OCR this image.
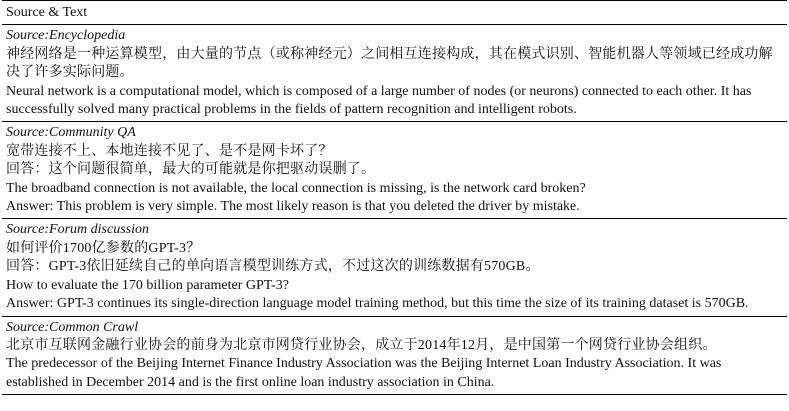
Source & Text
Source:Encyclopedia
神经网络是一种运算模型，由大量的节点（或称神经元）之间相互连接构成，其在模式识别、智能机器人等领域已经成功解决了许多实际问题。
Neural network is a computational model, which is composed of a large number of nodes (or neurons) connected to each other. It has successfully solved many practical problems in the fields of pattern recognition and intelligent robots.
Source:Community QA
宽带连接不上、本地连接不见了、是不是网卡坏了？
回答：这个问题很简单，最大的可能就是你把驱动误删了。
The broadband connection is not available, the local connection is missing, is the network card broken?
Answer: This problem is very simple. The most likely reason is that you deleted the driver by mistake.
Source:Forum discussion
如何评价1700亿参数的GPT-3？
回答：GPT-3依旧延续自己的单向语言模型训练方式，不过这次的训练数据有570GB。
How to evaluate the 170 billion parameter GPT-3?
Answer: GPT-3 continues its single-direction language model training method, but this time the size of its training dataset is 570GB.
Source:Common Crawl
北京市互联网金融行业协会的前身为北京市网贷行业协会，成立于2014年12月，是中国第一个网贷行业协会组织。
The predecessor of the Beijing Internet Finance Industry Association was the Beijing Internet Loan Industry Association. It was established in December 2014 and is the first online loan industry association in China.
